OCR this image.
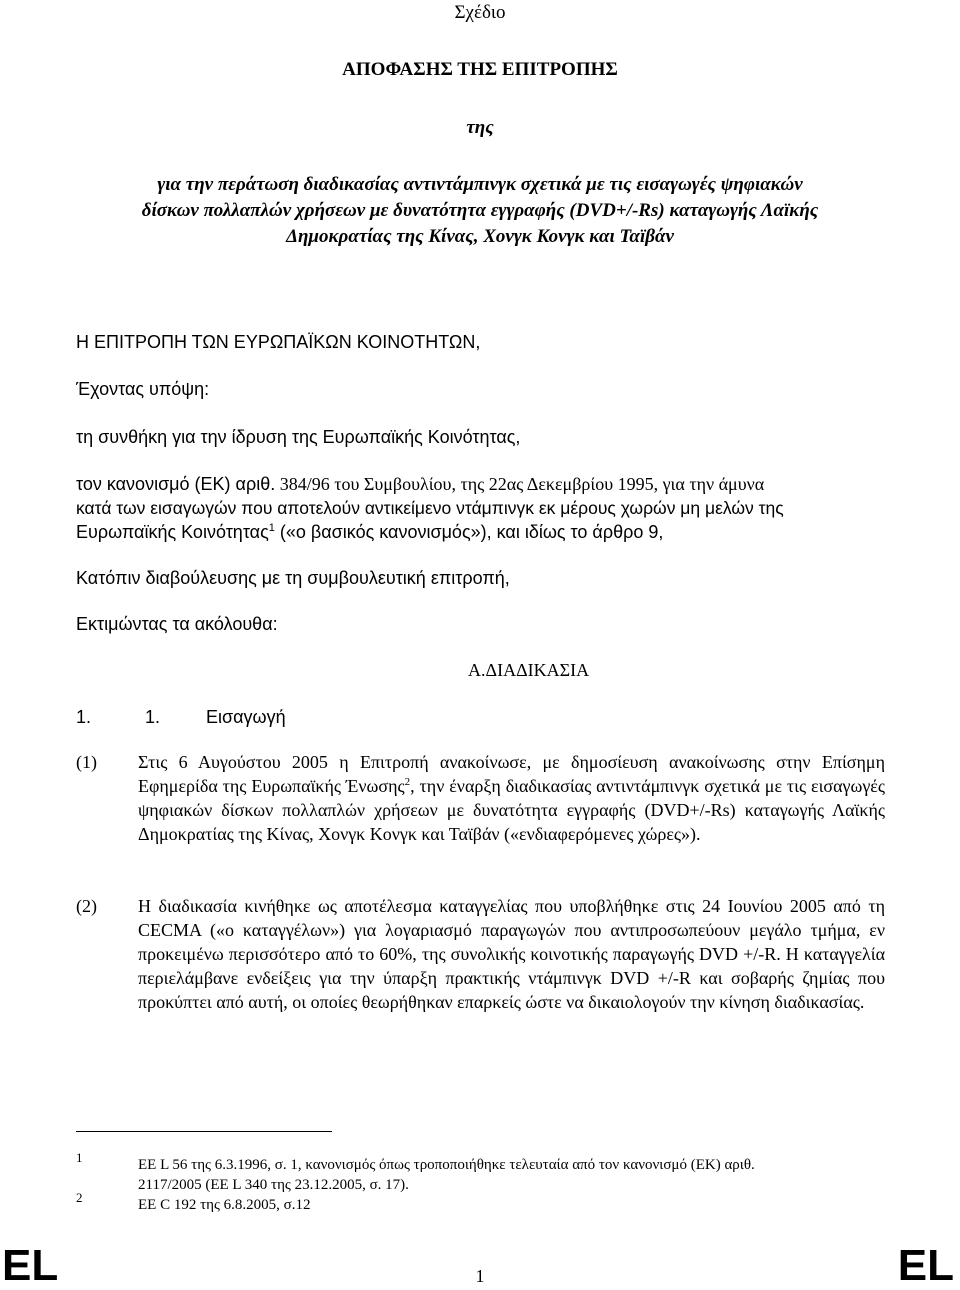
Σχέδιο
ΑΠΟΦΑΣΗΣ ΤΗΣ ΕΠΙΤΡΟΠΗΣ
της
για την περάτωση διαδικασίας αντιντάμπινγκ σχετικά με τις εισαγωγές ψηφιακών
δίσκων πολλαπλών χρήσεων με δυνατότητα εγγραφής (DVD+/-Rs) καταγωγής Λαϊκής
Δημοκρατίας της Κίνας, Χονγκ Κονγκ και Ταϊβάν
Η ΕΠΙΤΡΟΠΗ ΤΩΝ ΕΥΡΩΠΑΪΚΩΝ ΚΟΙΝΟΤΗΤΩΝ,
Έχοντας υπόψη:
τη συνθήκη για την ίδρυση της Ευρωπαϊκής Κοινότητας,
τον κανονισμό (ΕΚ) αριθ. 384/96 του Συμβουλίου, της 22ας Δεκεμβρίου 1995, για την άμυνα
κατά των εισαγωγών που αποτελούν αντικείμενο ντάμπινγκ εκ μέρους χωρών μη μελών της
Ευρωπαϊκής Κοινότητας$^1$ («ο βασικός κανονισμός»), και ιδίως το άρθρο 9,
Κατόπιν διαβούλευσης με τη συμβουλευτική επιτροπή,
Εκτιμώντας τα ακόλουθα:
Α.ΔΙΑΔΙΚΑΣΙΑ
1.	1.	Εισαγωγή
(1) Στις 6 Αυγούστου 2005 η Επιτροπή ανακοίνωσε, με δημοσίευση ανακοίνωσης στην Επίσημη Εφημερίδα της Ευρωπαϊκής Ένωσης$^2$, την έναρξη διαδικασίας αντιντάμπινγκ σχετικά με τις εισαγωγές ψηφιακών δίσκων πολλαπλών χρήσεων με δυνατότητα εγγραφής (DVD+/-Rs) καταγωγής Λαϊκής Δημοκρατίας της Κίνας, Χονγκ Κονγκ και Ταϊβάν («ενδιαφερόμενες χώρες»).
(2) Η διαδικασία κινήθηκε ως αποτέλεσμα καταγγελίας που υποβλήθηκε στις 24 Ιουνίου 2005 από τη CECMA («ο καταγγέλων») για λογαριασμό παραγωγών που αντιπροσωπεύουν μεγάλο τμήμα, εν προκειμένω περισσότερο από το 60%, της συνολικής κοινοτικής παραγωγής DVD +/-R. Η καταγγελία περιελάμβανε ενδείξεις για την ύπαρξη πρακτικής ντάμπινγκ DVD +/-R και σοβαρής ζημίας που προκύπτει από αυτή, οι οποίες θεωρήθηκαν επαρκείς ώστε να δικαιολογούν την κίνηση διαδικασίας.
1	EE L 56 της 6.3.1996, σ. 1, κανονισμός όπως τροποποιήθηκε τελευταία από τον κανονισμό (ΕΚ) αριθ.
2117/2005 (ΕΕ L 340 της 23.12.2005, σ. 17).
2	ΕΕ C 192 της 6.8.2005, σ.12
EL	1	EL
